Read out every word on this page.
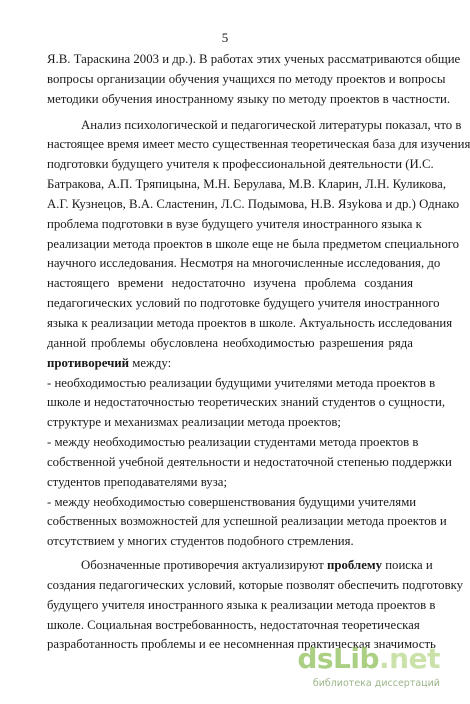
5
Я.В. Тараскина 2003 и др.). В работах этих ученых рассматриваются общие
вопросы организации обучения учащихся по методу проектов и вопросы
методики обучения иностранному языку по методу проектов в частности.
Анализ психологической и педагогической литературы показал, что в
настоящее время имеет место существенная теоретическая база для изучения
подготовки будущего учителя к профессиональной деятельности (И.С.
Батракова, А.П. Тряпицына, М.Н. Берулава, М.В. Кларин, Л.Н. Куликова,
А.Г. Кузнецов, В.А. Сластенин, Л.С. Подымова, Н.В. Язykова и др.) Однако
проблема подготовки в вузе будущего учителя иностранного языка к
реализации метода проектов в школе еще не была предметом специального
научного исследования. Несмотря на многочисленные исследования, до
настоящего времени недостаточно изучена проблема создания
педагогических условий по подготовке будущего учителя иностранного
языка к реализации метода проектов в школе. Актуальность исследования
данной проблемы обусловлена необходимостью разрешения ряда
противоречий между:
- необходимостью реализации будущими учителями метода проектов в
школе и недостаточностью теоретических знаний студентов о сущности,
структуре и механизмах реализации метода проектов;
- между необходимостью реализации студентами метода проектов в
собственной учебной деятельности и недостаточной степенью поддержки
студентов преподавателями вуза;
- между необходимостью совершенствования будущими учителями
собственных возможностей для успешной реализации метода проектов и
отсутствием у многих студентов подобного стремления.
Обозначенные противоречия актуализируют проблему поиска и
создания педагогических условий, которые позволят обеспечить подготовку
будущего учителя иностранного языка к реализации метода проектов в
школе. Социальная востребованность, недостаточная теоретическая
разработанность проблемы и ее несомненная практическая значимость
dsLib.net
библиотека диссертаций
